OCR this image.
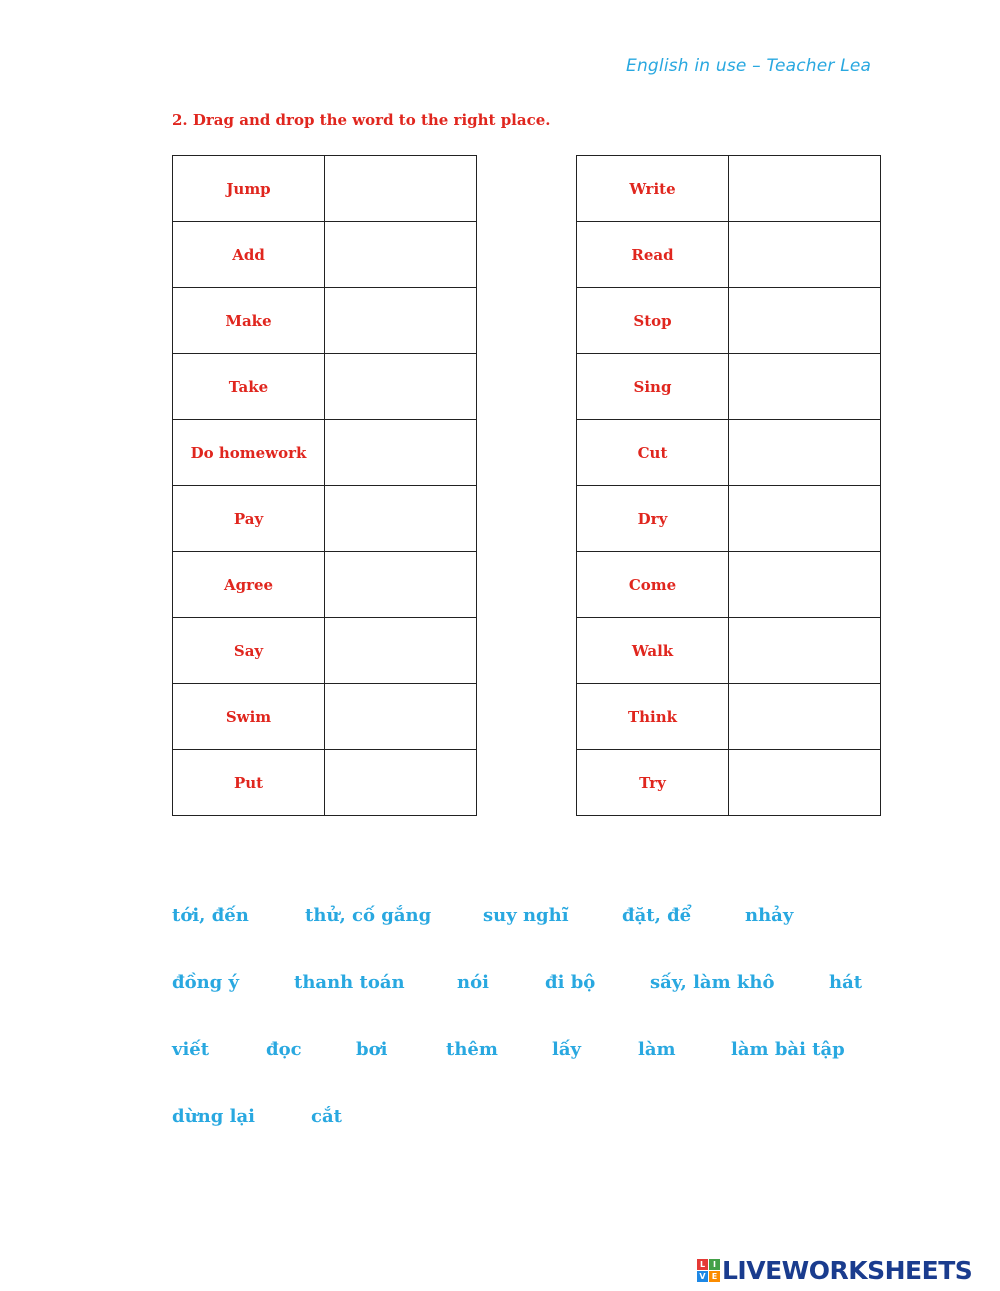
English in use – Teacher Lea
2. Drag and drop the word to the right place.
Jump	
Add	
Make	
Take	
Do homework	
Pay	
Agree	
Say	
Swim	
Put	
Write	
Read	
Stop	
Sing	
Cut	
Dry	
Come	
Walk	
Think	
Try	
tới, đến	thử, cố gắng	suy nghĩ	đặt, để	nhảy
đồng ý	thanh toán	nói	đi bộ	sấy, làm khô	hát
viết	đọc	bơi	thêm	lấy	làm	làm bài tập
dừng lại	cắt
L I
V E LIVEWORKSHEETS
